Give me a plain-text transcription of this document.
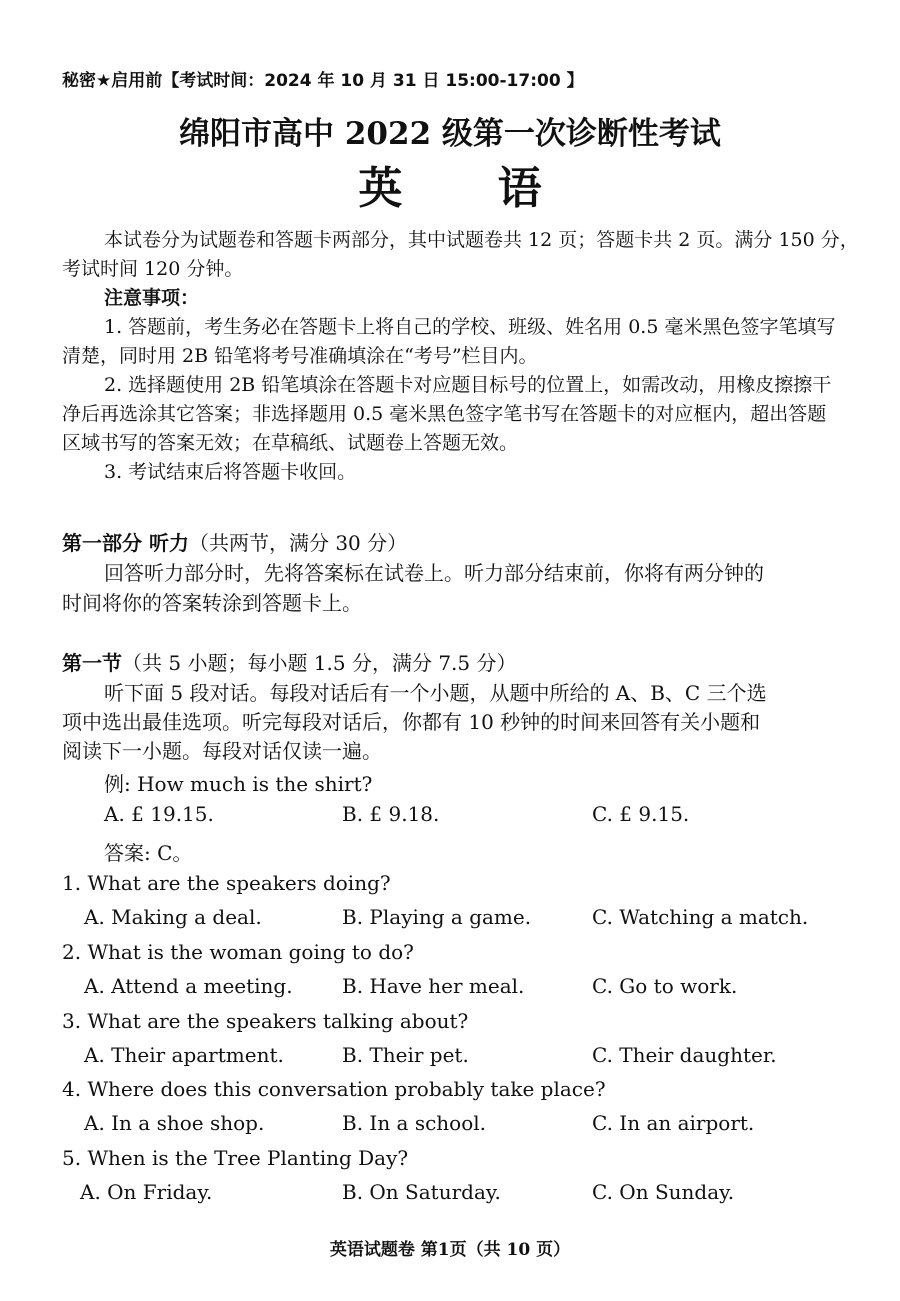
秘密★启用前【考试时间：2024 年 10 月 31 日 15:00-17:00 】
绵阳市高中 2022 级第一次诊断性考试
英 语
本试卷分为试题卷和答题卡两部分，其中试题卷共 12 页；答题卡共 2 页。满分 150 分，
考试时间 120 分钟。
注意事项：
1. 答题前，考生务必在答题卡上将自己的学校、班级、姓名用 0.5 毫米黑色签字笔填写
清楚，同时用 2B 铅笔将考号准确填涂在“考号”栏目内。
2. 选择题使用 2B 铅笔填涂在答题卡对应题目标号的位置上，如需改动，用橡皮擦擦干
净后再选涂其它答案；非选择题用 0.5 毫米黑色签字笔书写在答题卡的对应框内，超出答题
区域书写的答案无效；在草稿纸、试题卷上答题无效。
3. 考试结束后将答题卡收回。
第一部分 听力（共两节，满分 30 分）
回答听力部分时，先将答案标在试卷上。听力部分结束前，你将有两分钟的
时间将你的答案转涂到答题卡上。
第一节（共 5 小题；每小题 1.5 分，满分 7.5 分）
听下面 5 段对话。每段对话后有一个小题，从题中所给的 A、B、C 三个选
项中选出最佳选项。听完每段对话后，你都有 10 秒钟的时间来回答有关小题和
阅读下一小题。每段对话仅读一遍。
例: How much is the shirt?
A. £ 19.15.	B. £ 9.18.	C. £ 9.15.
答案: C。
1. What are the speakers doing?
A. Making a deal.	B. Playing a game.	C. Watching a match.
2. What is the woman going to do?
A. Attend a meeting. B. Have her meal.	C. Go to work.
3. What are the speakers talking about?
A. Their apartment.	B. Their pet.	C. Their daughter.
4. Where does this conversation probably take place?
A. In a shoe shop.	B. In a school.	C. In an airport.
5. When is the Tree Planting Day?
A. On Friday.	B. On Saturday.	C. On Sunday.
英语试题卷 第1页（共 10 页）
